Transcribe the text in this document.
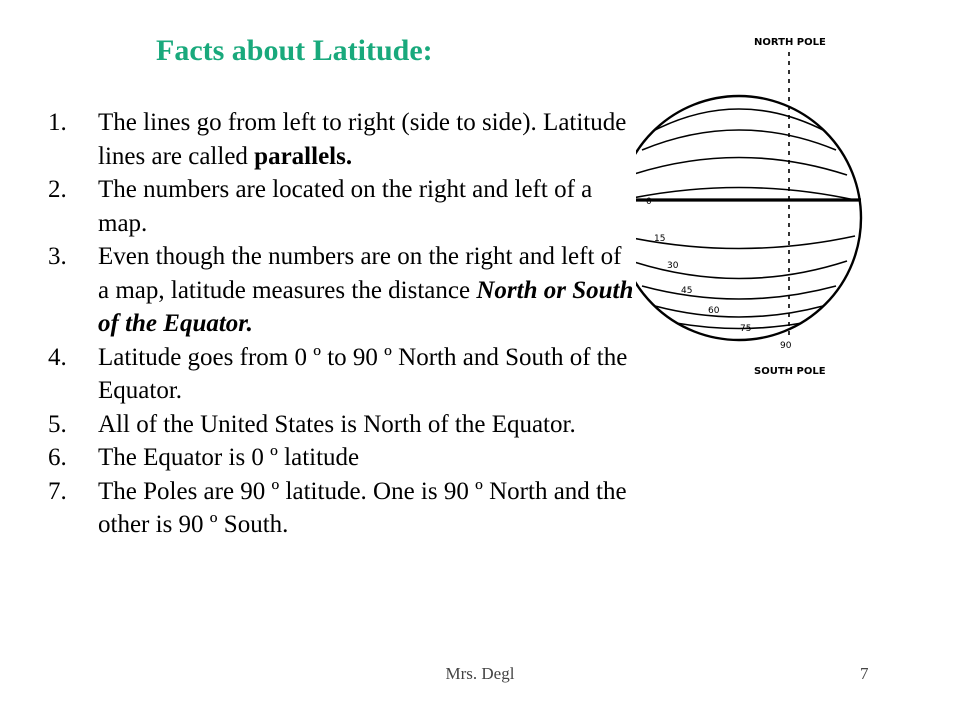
Facts about Latitude:
1.	The lines go from left to right (side to side). Latitude lines are called parallels.
2.	The numbers are located on the right and left of a map.
3.	Even though the numbers are on the right and left of a map, latitude measures the distance North or South of the Equator.
4.	Latitude goes from 0 º to 90 º North and South of the Equator.
5.	All of the United States is North of the Equator.
6.	The Equator is 0 º latitude
7.	The Poles are 90 º latitude. One is 90 º North and the other is 90 º South.
NORTH POLE
SOUTH POLE
0
15
30
45
60
75
90
Mrs. Degl	7
